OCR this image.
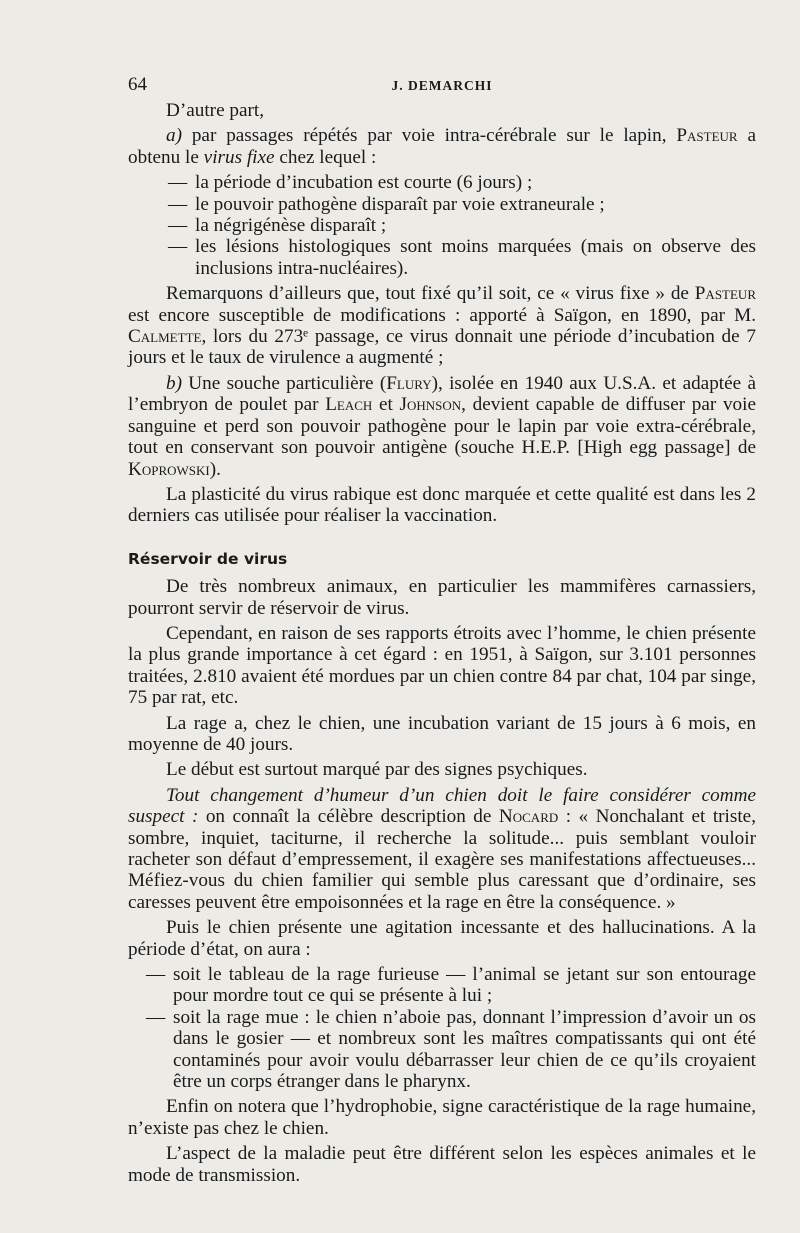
64	J. DEMARCHI

D’autre part,

a) par passages répétés par voie intra-cérébrale sur le lapin, Pasteur a obtenu le virus fixe chez lequel :

— la période d’incubation est courte (6 jours) ;
— le pouvoir pathogène disparaît par voie extraneurale ;
— la négrigénèse disparaît ;
— les lésions histologiques sont moins marquées (mais on observe des inclusions intra-nucléaires).

Remarquons d’ailleurs que, tout fixé qu’il soit, ce « virus fixe » de Pasteur est encore susceptible de modifications : apporté à Saïgon, en 1890, par M. Calmette, lors du 273ᵉ passage, ce virus donnait une période d’incubation de 7 jours et le taux de virulence a augmenté ;

b) Une souche particulière (Flury), isolée en 1940 aux U.S.A. et adaptée à l’embryon de poulet par Leach et Johnson, devient capable de diffuser par voie sanguine et perd son pouvoir pathogène pour le lapin par voie extra-cérébrale, tout en conservant son pouvoir antigène (souche H.E.P. [High egg passage] de Koprowski).

La plasticité du virus rabique est donc marquée et cette qualité est dans les 2 derniers cas utilisée pour réaliser la vaccination.

Réservoir de virus

De très nombreux animaux, en particulier les mammifères carnassiers, pourront servir de réservoir de virus.

Cependant, en raison de ses rapports étroits avec l’homme, le chien présente la plus grande importance à cet égard : en 1951, à Saïgon, sur 3.101 personnes traitées, 2.810 avaient été mordues par un chien contre 84 par chat, 104 par singe, 75 par rat, etc.

La rage a, chez le chien, une incubation variant de 15 jours à 6 mois, en moyenne de 40 jours.

Le début est surtout marqué par des signes psychiques.

Tout changement d’humeur d’un chien doit le faire considérer comme suspect : on connaît la célèbre description de Nocard : « Nonchalant et triste, sombre, inquiet, taciturne, il recherche la solitude... puis semblant vouloir racheter son défaut d’empressement, il exagère ses manifestations affectueuses... Méfiez-vous du chien familier qui semble plus caressant que d’ordinaire, ses caresses peuvent être empoisonnées et la rage en être la conséquence. »

Puis le chien présente une agitation incessante et des hallucinations. A la période d’état, on aura :

— soit le tableau de la rage furieuse — l’animal se jetant sur son entourage pour mordre tout ce qui se présente à lui ;
— soit la rage mue : le chien n’aboie pas, donnant l’impression d’avoir un os dans le gosier — et nombreux sont les maîtres compatissants qui ont été contaminés pour avoir voulu débarrasser leur chien de ce qu’ils croyaient être un corps étranger dans le pharynx.

Enfin on notera que l’hydrophobie, signe caractéristique de la rage humaine, n’existe pas chez le chien.

L’aspect de la maladie peut être différent selon les espèces animales et le mode de transmission.
